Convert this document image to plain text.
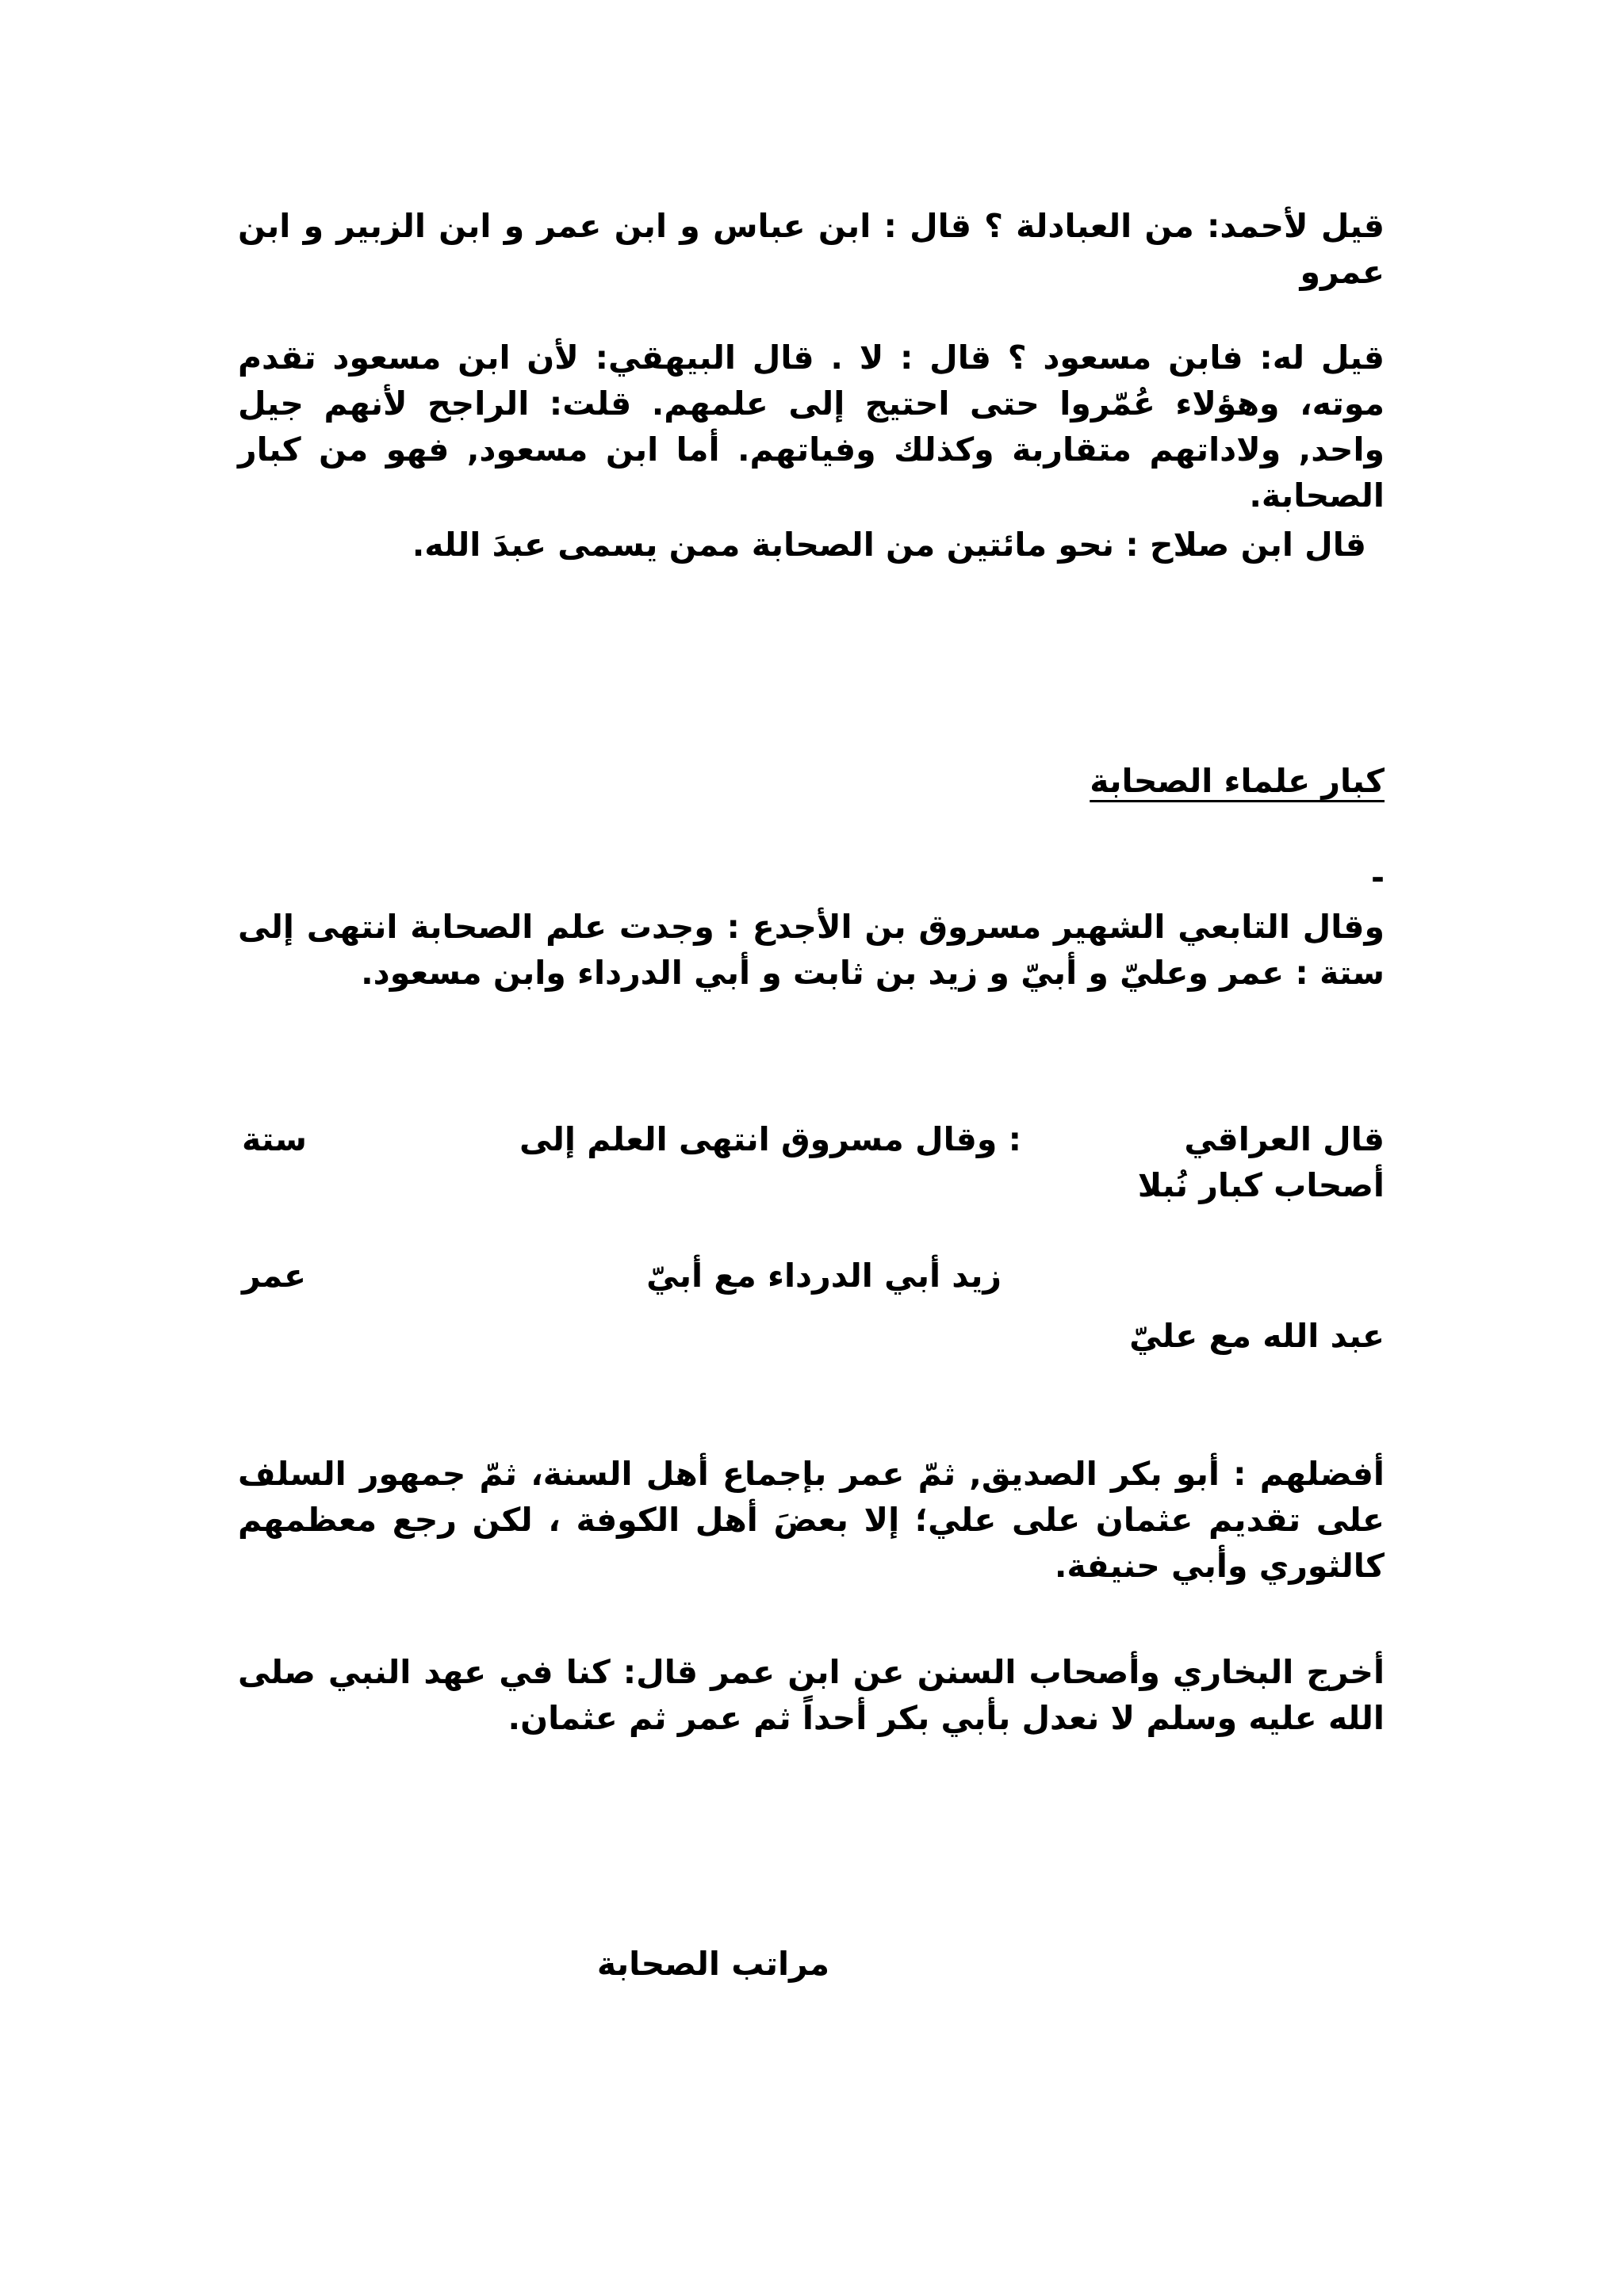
قيل لأحمد: من العبادلة ؟ قال : ابن عباس و ابن عمر و ابن الزبير و ابن عمرو

قيل له: فابن مسعود ؟ قال : لا . قال البيهقي: لأن ابن مسعود تقدم موته، وهؤلاء عُمّروا حتى احتيج إلى علمهم. قلت: الراجح لأنهم جيل واحد, ولاداتهم متقاربة وكذلك وفياتهم. أما ابن مسعود, فهو من كبار الصحابة.

قال ابن صلاح : نحو مائتين من الصحابة ممن يسمى عبدَ الله.

كبار علماء الصحابة

-

وقال التابعي الشهير مسروق بن الأجدع : وجدت علم الصحابة انتهى إلى ستة : عمر وعليّ و أبيّ و زيد بن ثابت و أبي الدرداء وابن مسعود.

قال العراقي

: وقال مسروق انتهى العلم إلى

ستة

أصحاب كبار نُبلا

زيد أبي الدرداء مع أبيّ

عمر

عبد الله مع عليّ

أفضلهم : أبو بكر الصديق, ثمّ عمر بإجماع أهل السنة، ثمّ جمهور السلف على تقديم عثمان على علي؛ إلا بعضَ أهل الكوفة ، لكن رجع معظمهم كالثوري وأبي حنيفة.

أخرج البخاري وأصحاب السنن عن ابن عمر قال: كنا في عهد النبي صلى الله عليه وسلم لا نعدل بأبي بكر أحداً ثم عمر ثم عثمان.

مراتب الصحابة
